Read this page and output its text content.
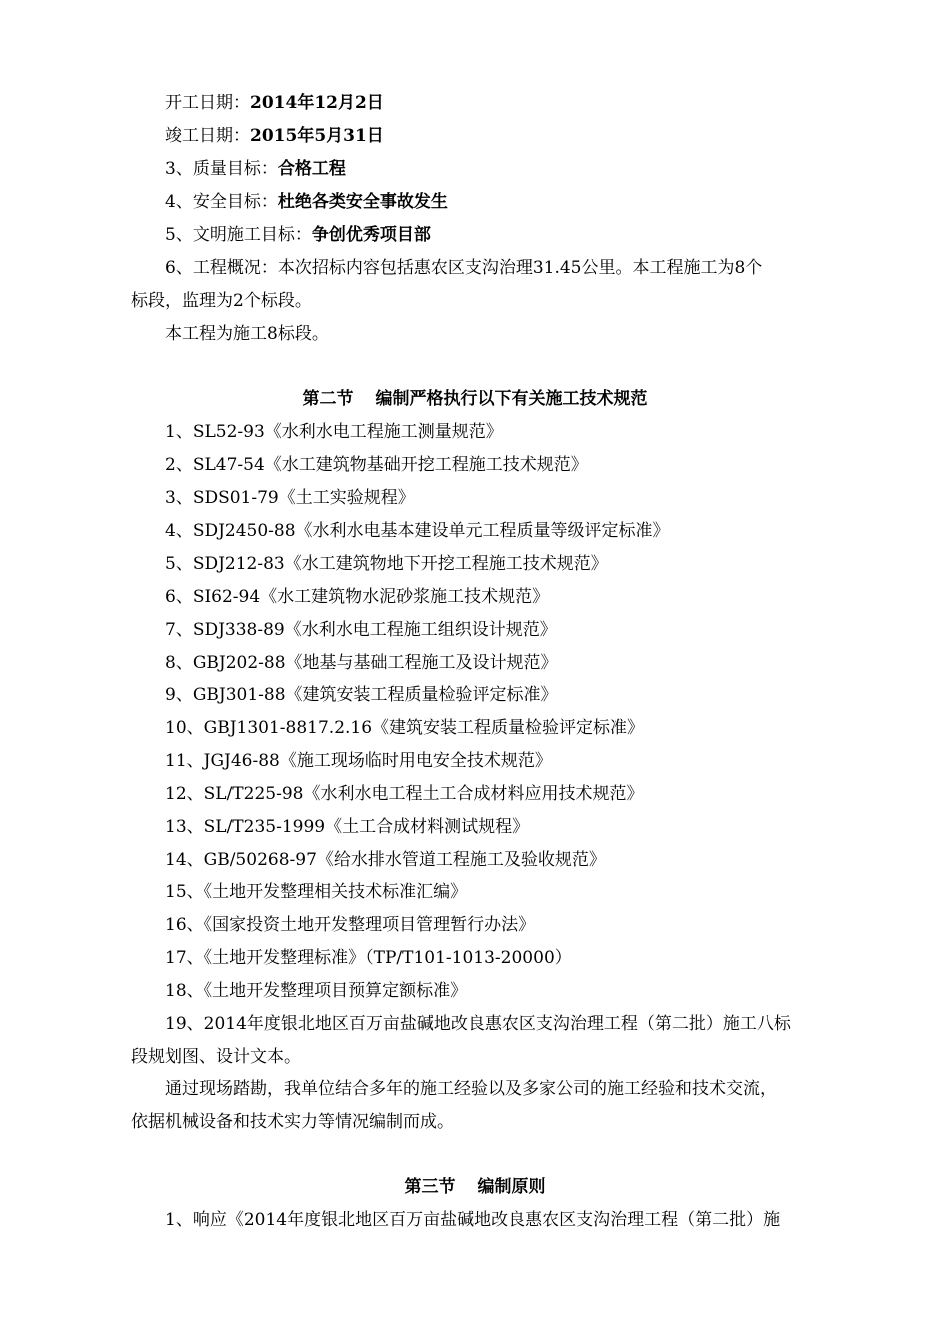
开工日期：2014年12月2日
竣工日期：2015年5月31日
3、质量目标：合格工程
4、安全目标：杜绝各类安全事故发生
5、文明施工目标：争创优秀项目部
6、工程概况：本次招标内容包括惠农区支沟治理31.45公里。本工程施工为8个
标段，监理为2个标段。
本工程为施工8标段。
第二节 编制严格执行以下有关施工技术规范
1、SL52-93《水利水电工程施工测量规范》
2、SL47-54《水工建筑物基础开挖工程施工技术规范》
3、SDS01-79《土工实验规程》
4、SDJ2450-88《水利水电基本建设单元工程质量等级评定标准》
5、SDJ212-83《水工建筑物地下开挖工程施工技术规范》
6、SI62-94《水工建筑物水泥砂浆施工技术规范》
7、SDJ338-89《水利水电工程施工组织设计规范》
8、GBJ202-88《地基与基础工程施工及设计规范》
9、GBJ301-88《建筑安装工程质量检验评定标准》
10、GBJ1301-8817.2.16《建筑安装工程质量检验评定标准》
11、JGJ46-88《施工现场临时用电安全技术规范》
12、SL/T225-98《水利水电工程土工合成材料应用技术规范》
13、SL/T235-1999《土工合成材料测试规程》
14、GB/50268-97《给水排水管道工程施工及验收规范》
15、《土地开发整理相关技术标准汇编》
16、《国家投资土地开发整理项目管理暂行办法》
17、《土地开发整理标准》（TP/T101-1013-20000）
18、《土地开发整理项目预算定额标准》
19、2014年度银北地区百万亩盐碱地改良惠农区支沟治理工程（第二批）施工八标
段规划图、设计文本。
通过现场踏勘，我单位结合多年的施工经验以及多家公司的施工经验和技术交流，
依据机械设备和技术实力等情况编制而成。
第三节 编制原则
1、响应《2014年度银北地区百万亩盐碱地改良惠农区支沟治理工程（第二批）施
